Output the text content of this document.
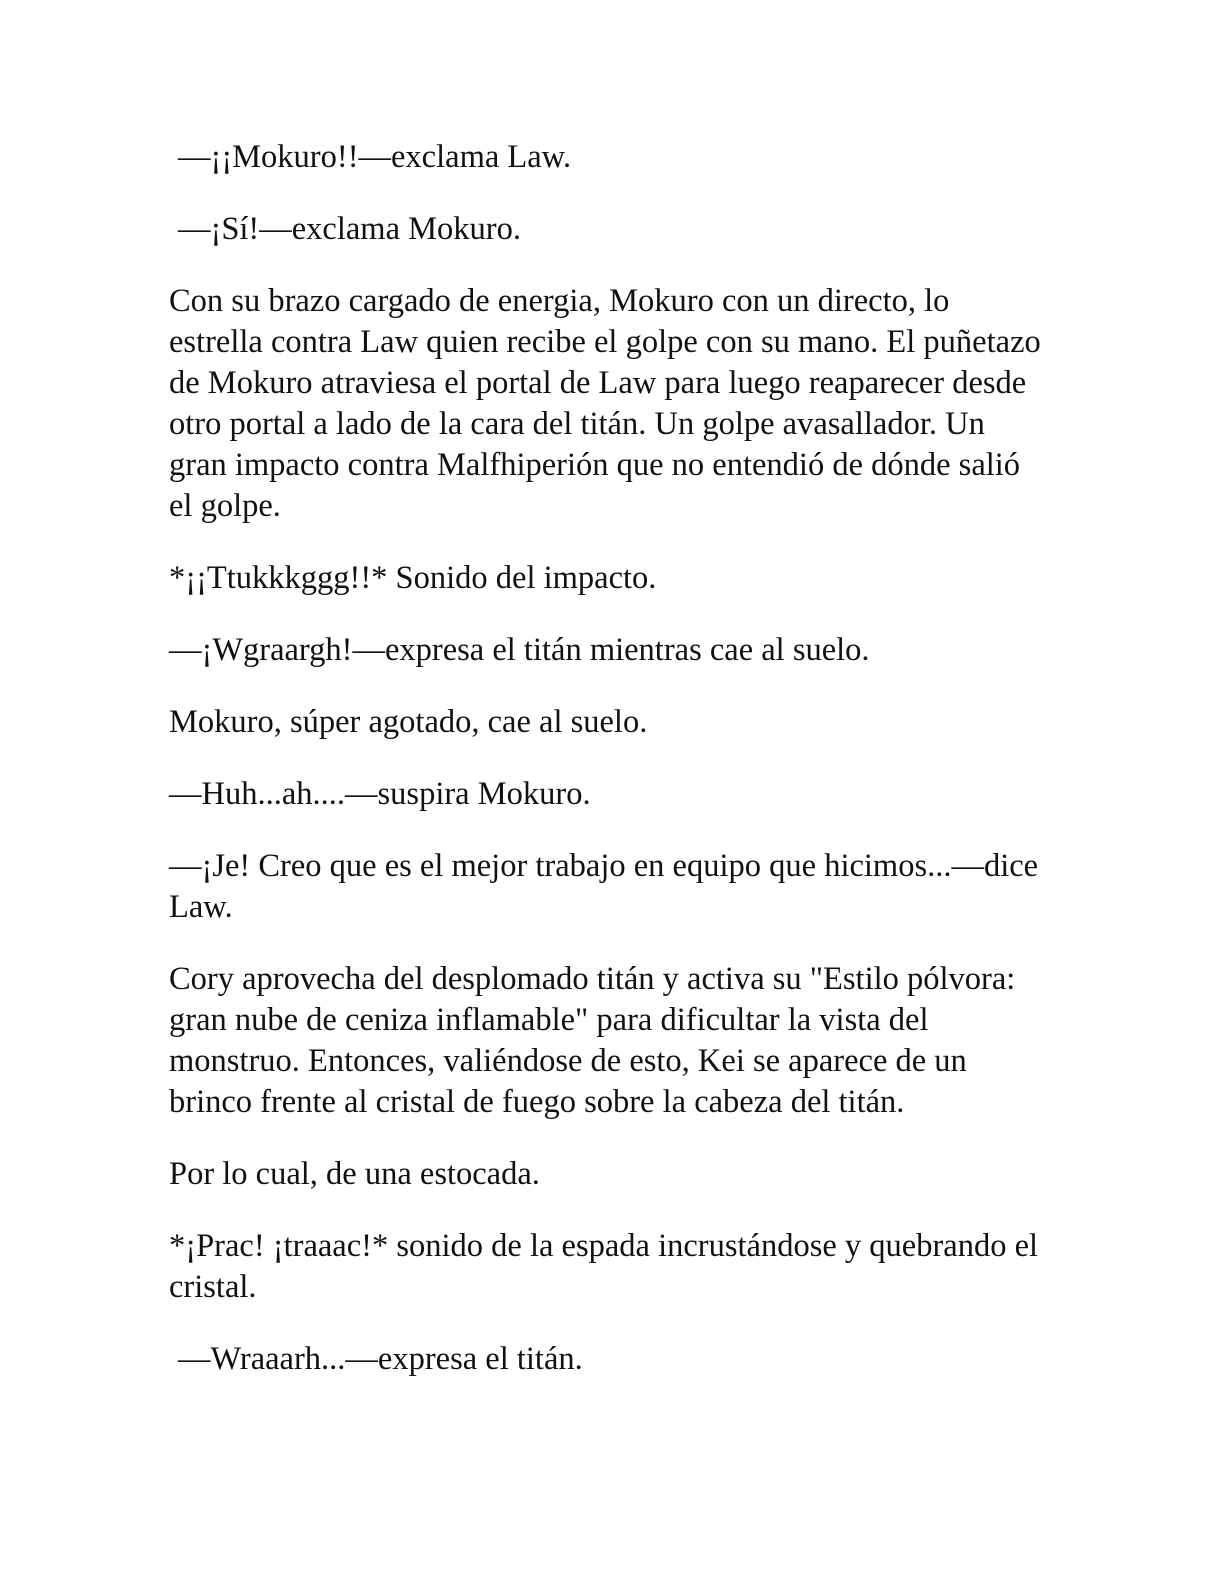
—¡¡Mokuro!!—exclama Law.

—¡Sí!—exclama Mokuro.

Con su brazo cargado de energia, Mokuro con un directo, lo estrella contra Law quien recibe el golpe con su mano. El puñetazo de Mokuro atraviesa el portal de Law para luego reaparecer desde otro portal a lado de la cara del titán. Un golpe avasallador. Un gran impacto contra Malfhiperión que no entendió de dónde salió el golpe.

*¡¡Ttukkkggg!!* Sonido del impacto.

—¡Wgraargh!—expresa el titán mientras cae al suelo.

Mokuro, súper agotado, cae al suelo.

—Huh...ah....—suspira Mokuro.

—¡Je! Creo que es el mejor trabajo en equipo que hicimos...—dice Law.

Cory aprovecha del desplomado titán y activa su "Estilo pólvora: gran nube de ceniza inflamable" para dificultar la vista del monstruo. Entonces, valiéndose de esto, Kei se aparece de un brinco frente al cristal de fuego sobre la cabeza del titán.

Por lo cual, de una estocada.

*¡Prac! ¡traaac!* sonido de la espada incrustándose y quebrando el cristal.

—Wraaarh...—expresa el titán.
